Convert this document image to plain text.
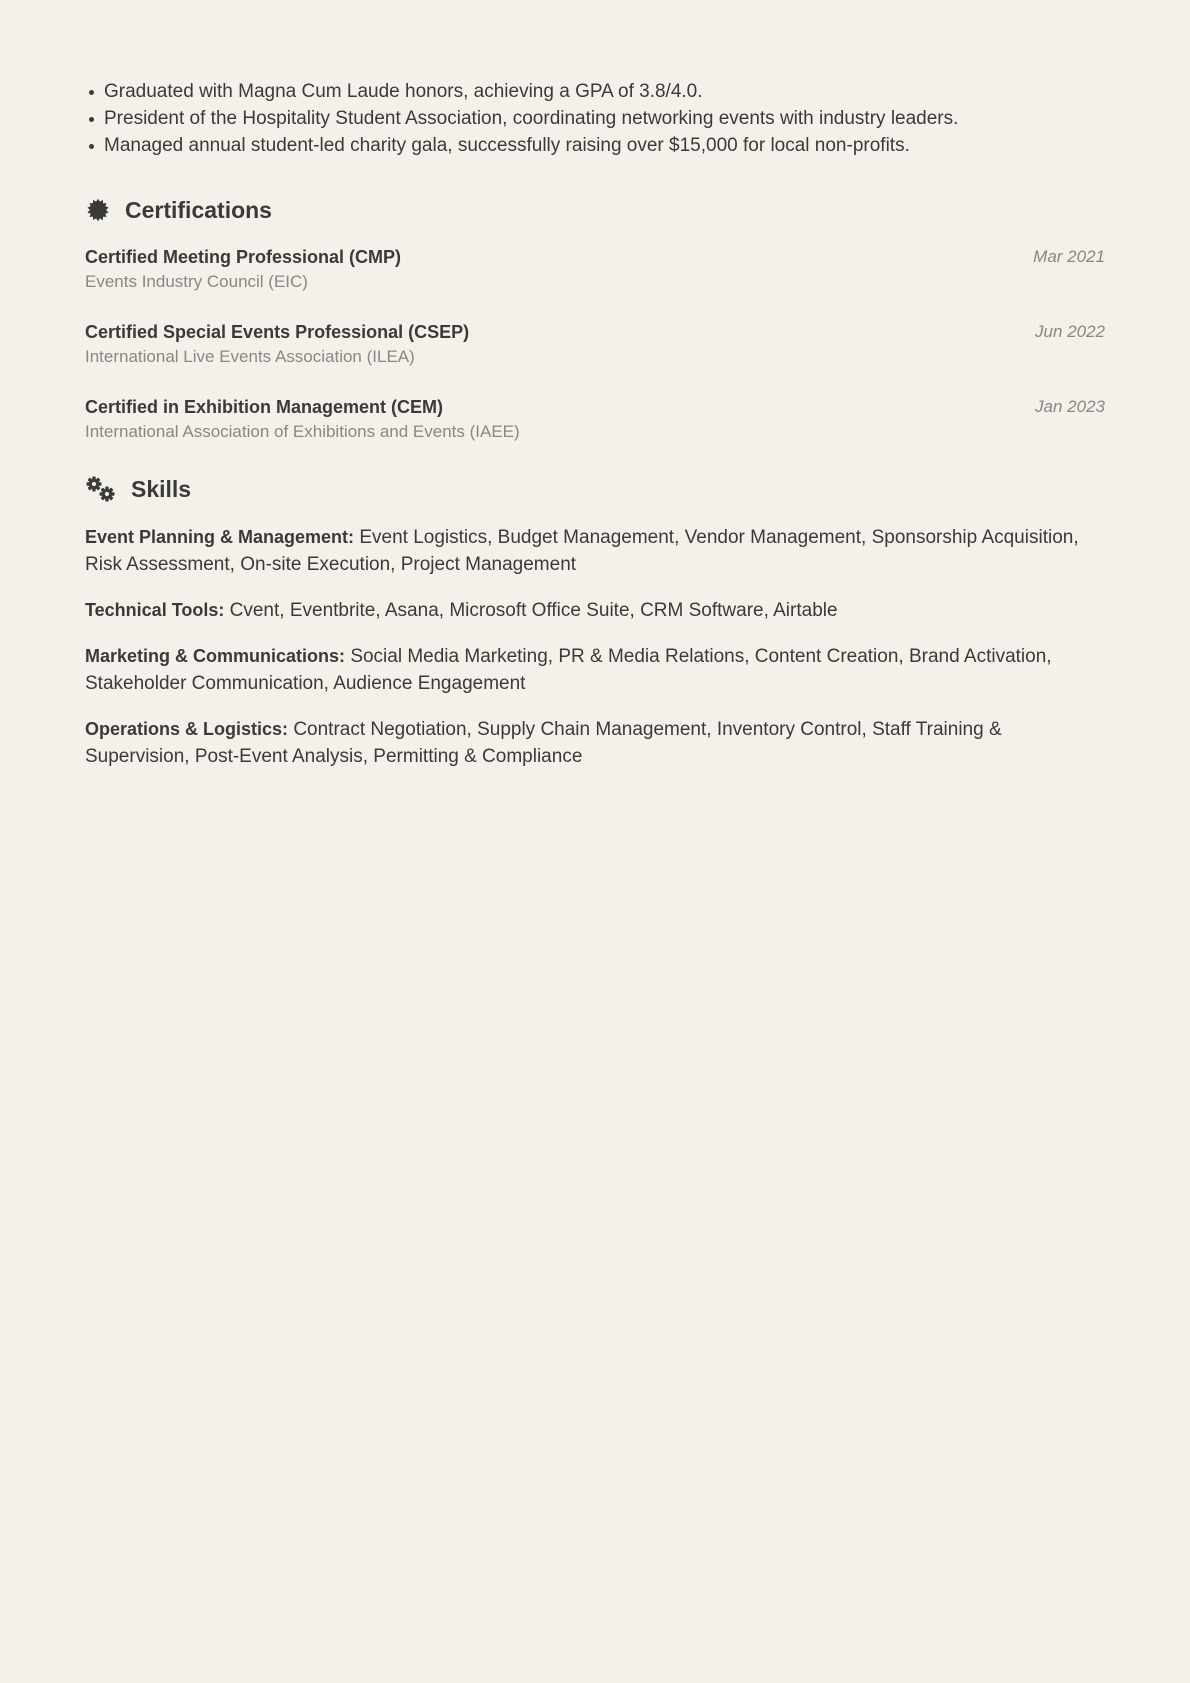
Graduated with Magna Cum Laude honors, achieving a GPA of 3.8/4.0.
President of the Hospitality Student Association, coordinating networking events with industry leaders.
Managed annual student-led charity gala, successfully raising over $15,000 for local non-profits.
Certifications
Certified Meeting Professional (CMP)
Events Industry Council (EIC)
Mar 2021
Certified Special Events Professional (CSEP)
International Live Events Association (ILEA)
Jun 2022
Certified in Exhibition Management (CEM)
International Association of Exhibitions and Events (IAEE)
Jan 2023
Skills

Event Planning & Management: Event Logistics, Budget Management, Vendor Management, Sponsorship Acquisition, Risk Assessment, On-site Execution, Project Management

Technical Tools: Cvent, Eventbrite, Asana, Microsoft Office Suite, CRM Software, Airtable

Marketing & Communications: Social Media Marketing, PR & Media Relations, Content Creation, Brand Activation, Stakeholder Communication, Audience Engagement

Operations & Logistics: Contract Negotiation, Supply Chain Management, Inventory Control, Staff Training & Supervision, Post-Event Analysis, Permitting & Compliance
